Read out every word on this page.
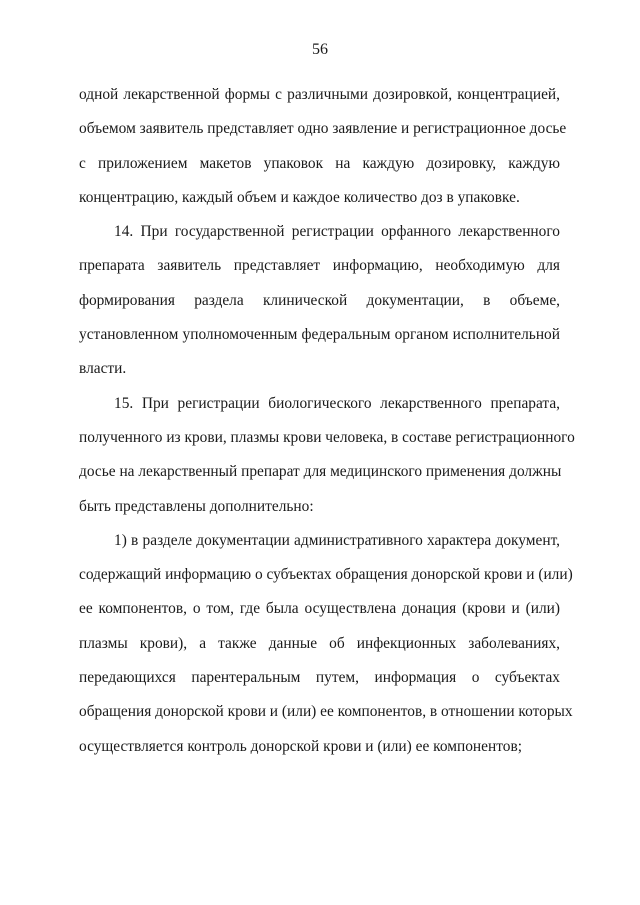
56
одной лекарственной формы с различными дозировкой, концентрацией,
объемом заявитель представляет одно заявление и регистрационное досье
с приложением макетов упаковок на каждую дозировку, каждую
концентрацию, каждый объем и каждое количество доз в упаковке.
14. При государственной регистрации орфанного лекарственного
препарата заявитель представляет информацию, необходимую для
формирования раздела клинической документации, в объеме,
установленном уполномоченным федеральным органом исполнительной
власти.
15. При регистрации биологического лекарственного препарата,
полученного из крови, плазмы крови человека, в составе регистрационного
досье на лекарственный препарат для медицинского применения должны
быть представлены дополнительно:
1) в разделе документации административного характера документ,
содержащий информацию о субъектах обращения донорской крови и (или)
ее компонентов, о том, где была осуществлена донация (крови и (или)
плазмы крови), а также данные об инфекционных заболеваниях,
передающихся парентеральным путем, информация о субъектах
обращения донорской крови и (или) ее компонентов, в отношении которых
осуществляется контроль донорской крови и (или) ее компонентов;
